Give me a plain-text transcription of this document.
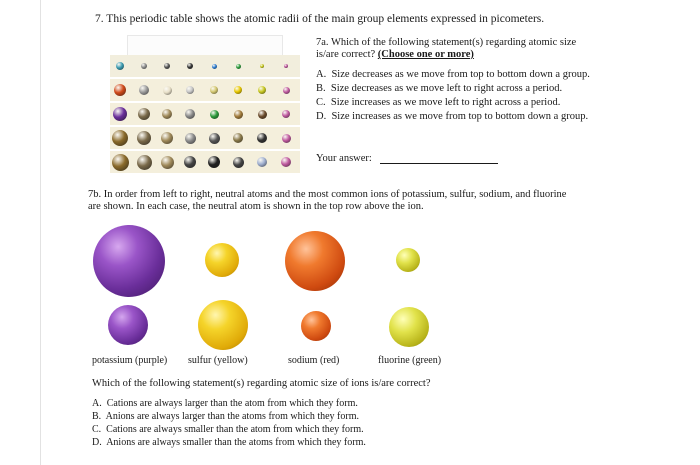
7. This periodic table shows the atomic radii of the main group elements expressed in picometers.
7a. Which of the following statement(s) regarding atomic size
is/are correct? (Choose one or more)
A. Size decreases as we move from top to bottom down a group.
B. Size decreases as we move left to right across a period.
C. Size increases as we move left to right across a period.
D. Size increases as we move from top to bottom down a group.
Your answer:
7b. In order from left to right, neutral atoms and the most common ions of potassium, sulfur, sodium, and fluorine
are shown. In each case, the neutral atom is shown in the top row above the ion.
potassium (purple) sulfur (yellow)	sodium (red)	fluorine (green)
Which of the following statement(s) regarding atomic size of ions is/are correct?
A. Cations are always larger than the atom from which they form.
B. Anions are always larger than the atoms from which they form.
C. Cations are always smaller than the atom from which they form.
D. Anions are always smaller than the atoms from which they form.
